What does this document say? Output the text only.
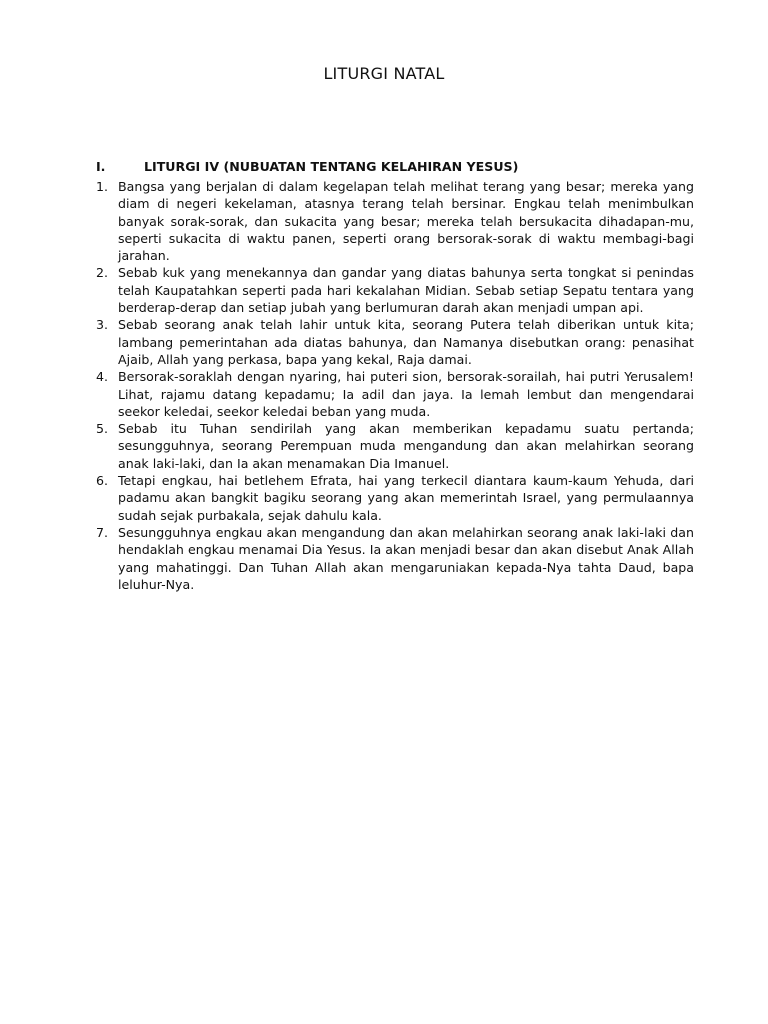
LITURGI NATAL
I.	LITURGI IV (NUBUATAN TENTANG KELAHIRAN YESUS)
1. Bangsa yang berjalan di dalam kegelapan telah melihat terang yang besar; mereka yang diam di negeri kekelaman, atasnya terang telah bersinar. Engkau telah menimbulkan banyak sorak-sorak, dan sukacita yang besar; mereka telah bersukacita dihadapan-mu, seperti sukacita di waktu panen, seperti orang bersorak-sorak di waktu membagi-bagi jarahan.
2. Sebab kuk yang menekannya dan gandar yang diatas bahunya serta tongkat si penindas telah Kaupatahkan seperti pada hari kekalahan Midian. Sebab setiap Sepatu tentara yang berderap-derap dan setiap jubah yang berlumuran darah akan menjadi umpan api.
3. Sebab seorang anak telah lahir untuk kita, seorang Putera telah diberikan untuk kita; lambang pemerintahan ada diatas bahunya, dan Namanya disebutkan orang: penasihat Ajaib, Allah yang perkasa, bapa yang kekal, Raja damai.
4. Bersorak-soraklah dengan nyaring, hai puteri sion, bersorak-sorailah, hai putri Yerusalem! Lihat, rajamu datang kepadamu; Ia adil dan jaya. Ia lemah lembut dan mengendarai seekor keledai, seekor keledai beban yang muda.
5. Sebab itu Tuhan sendirilah yang akan memberikan kepadamu suatu pertanda; sesungguhnya, seorang Perempuan muda mengandung dan akan melahirkan seorang anak laki-laki, dan Ia akan menamakan Dia Imanuel.
6. Tetapi engkau, hai betlehem Efrata, hai yang terkecil diantara kaum-kaum Yehuda, dari padamu akan bangkit bagiku seorang yang akan memerintah Israel, yang permulaannya sudah sejak purbakala, sejak dahulu kala.
7. Sesungguhnya engkau akan mengandung dan akan melahirkan seorang anak laki-laki dan hendaklah engkau menamai Dia Yesus. Ia akan menjadi besar dan akan disebut Anak Allah yang mahatinggi. Dan Tuhan Allah akan mengaruniakan kepada-Nya tahta Daud, bapa leluhur-Nya.
